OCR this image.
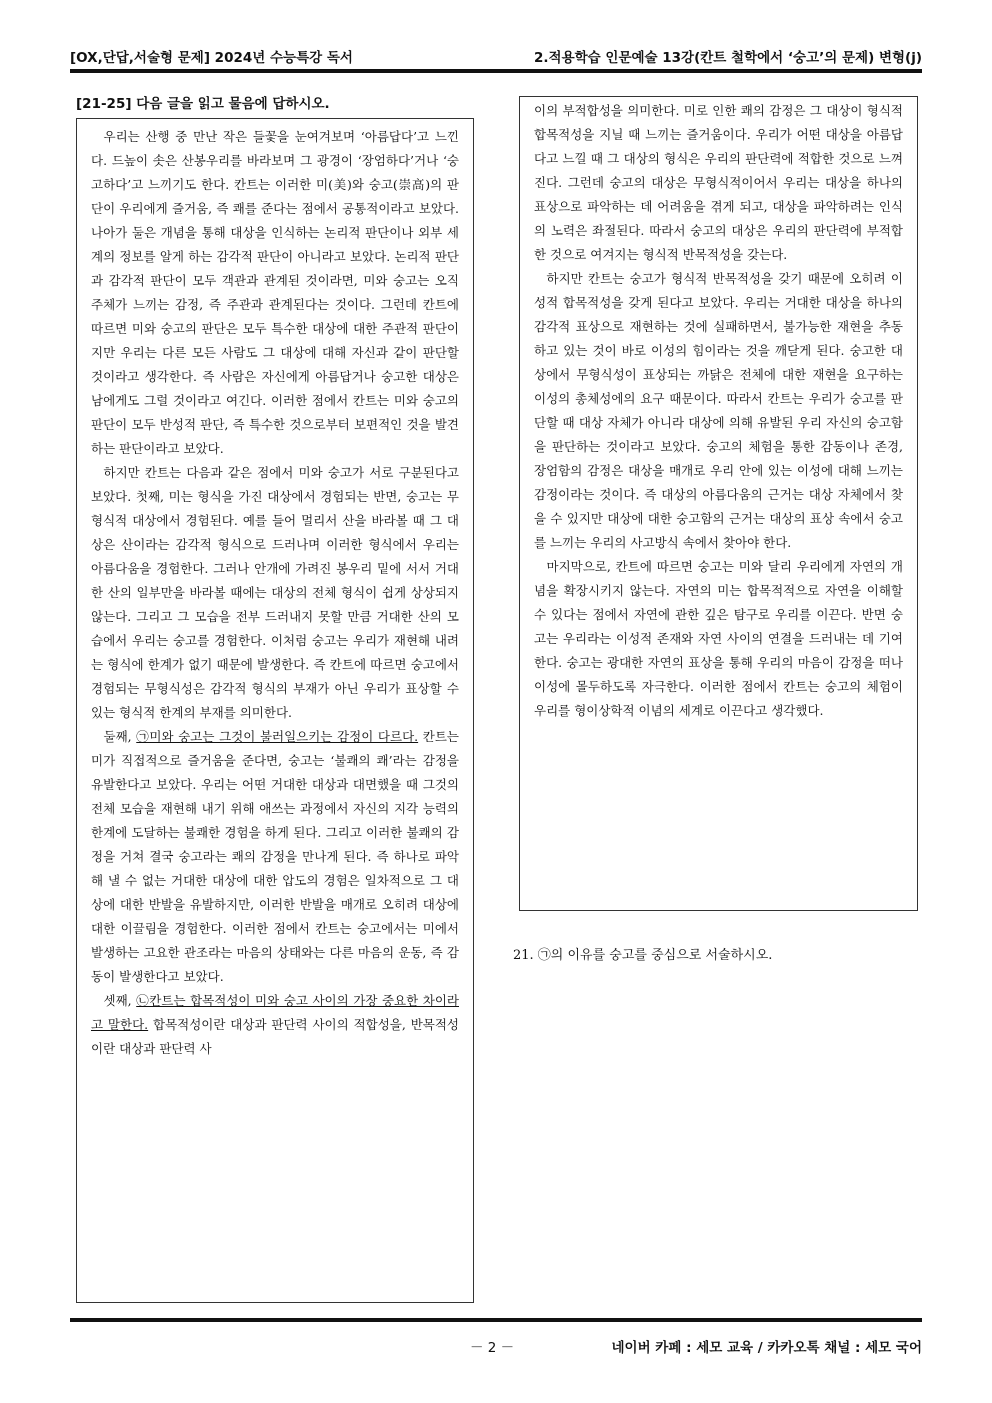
[OX,단답,서술형 문제] 2024년 수능특강 독서	2.적용학습 인문예술 13강(칸트 철학에서 ‘숭고’의 문제) 변형(j)
[21-25] 다음 글을 읽고 물음에 답하시오.

우리는 산행 중 만난 작은 들꽃을 눈여겨보며 ‘아름답다’고 느낀다. 드높이 솟은 산봉우리를 바라보며 그 광경이 ‘장엄하다’거나 ‘숭고하다’고 느끼기도 한다. 칸트는 이러한 미(美)와 숭고(崇高)의 판단이 우리에게 즐거움, 즉 쾌를 준다는 점에서 공통적이라고 보았다. 나아가 둘은 개념을 통해 대상을 인식하는 논리적 판단이나 외부 세계의 정보를 알게 하는 감각적 판단이 아니라고 보았다. 논리적 판단과 감각적 판단이 모두 객관과 관계된 것이라면, 미와 숭고는 오직 주체가 느끼는 감정, 즉 주관과 관계된다는 것이다. 그런데 칸트에 따르면 미와 숭고의 판단은 모두 특수한 대상에 대한 주관적 판단이지만 우리는 다른 모든 사람도 그 대상에 대해 자신과 같이 판단할 것이라고 생각한다. 즉 사람은 자신에게 아름답거나 숭고한 대상은 남에게도 그럴 것이라고 여긴다. 이러한 점에서 칸트는 미와 숭고의 판단이 모두 반성적 판단, 즉 특수한 것으로부터 보편적인 것을 발견하는 판단이라고 보았다.

하지만 칸트는 다음과 같은 점에서 미와 숭고가 서로 구분된다고 보았다. 첫째, 미는 형식을 가진 대상에서 경험되는 반면, 숭고는 무형식적 대상에서 경험된다. 예를 들어 멀리서 산을 바라볼 때 그 대상은 산이라는 감각적 형식으로 드러나며 이러한 형식에서 우리는 아름다움을 경험한다. 그러나 안개에 가려진 봉우리 밑에 서서 거대한 산의 일부만을 바라볼 때에는 대상의 전체 형식이 쉽게 상상되지 않는다. 그리고 그 모습을 전부 드러내지 못할 만큼 거대한 산의 모습에서 우리는 숭고를 경험한다. 이처럼 숭고는 우리가 재현해 내려는 형식에 한계가 없기 때문에 발생한다. 즉 칸트에 따르면 숭고에서 경험되는 무형식성은 감각적 형식의 부재가 아닌 우리가 표상할 수 있는 형식적 한계의 부재를 의미한다.

둘째, ㉠미와 숭고는 그것이 불러일으키는 감정이 다르다. 칸트는 미가 직접적으로 즐거움을 준다면, 숭고는 ‘불쾌의 쾌’라는 감정을 유발한다고 보았다. 우리는 어떤 거대한 대상과 대면했을 때 그것의 전체 모습을 재현해 내기 위해 애쓰는 과정에서 자신의 지각 능력의 한계에 도달하는 불쾌한 경험을 하게 된다. 그리고 이러한 불쾌의 감정을 거쳐 결국 숭고라는 쾌의 감정을 만나게 된다. 즉 하나로 파악해 낼 수 없는 거대한 대상에 대한 압도의 경험은 일차적으로 그 대상에 대한 반발을 유발하지만, 이러한 반발을 매개로 오히려 대상에 대한 이끌림을 경험한다. 이러한 점에서 칸트는 숭고에서는 미에서 발생하는 고요한 관조라는 마음의 상태와는 다른 마음의 운동, 즉 감동이 발생한다고 보았다.

셋째, ㉡칸트는 합목적성이 미와 숭고 사이의 가장 중요한 차이라고 말한다. 합목적성이란 대상과 판단력 사이의 적합성을, 반목적성이란 대상과 판단력 사

이의 부적합성을 의미한다. 미로 인한 쾌의 감정은 그 대상이 형식적 합목적성을 지닐 때 느끼는 즐거움이다. 우리가 어떤 대상을 아름답다고 느낄 때 그 대상의 형식은 우리의 판단력에 적합한 것으로 느껴진다. 그런데 숭고의 대상은 무형식적이어서 우리는 대상을 하나의 표상으로 파악하는 데 어려움을 겪게 되고, 대상을 파악하려는 인식의 노력은 좌절된다. 따라서 숭고의 대상은 우리의 판단력에 부적합한 것으로 여겨지는 형식적 반목적성을 갖는다.

하지만 칸트는 숭고가 형식적 반목적성을 갖기 때문에 오히려 이성적 합목적성을 갖게 된다고 보았다. 우리는 거대한 대상을 하나의 감각적 표상으로 재현하는 것에 실패하면서, 불가능한 재현을 추동하고 있는 것이 바로 이성의 힘이라는 것을 깨닫게 된다. 숭고한 대상에서 무형식성이 표상되는 까닭은 전체에 대한 재현을 요구하는 이성의 총체성에의 요구 때문이다. 따라서 칸트는 우리가 숭고를 판단할 때 대상 자체가 아니라 대상에 의해 유발된 우리 자신의 숭고함을 판단하는 것이라고 보았다. 숭고의 체험을 통한 감동이나 존경, 장엄함의 감정은 대상을 매개로 우리 안에 있는 이성에 대해 느끼는 감정이라는 것이다. 즉 대상의 아름다움의 근거는 대상 자체에서 찾을 수 있지만 대상에 대한 숭고함의 근거는 대상의 표상 속에서 숭고를 느끼는 우리의 사고방식 속에서 찾아야 한다.

마지막으로, 칸트에 따르면 숭고는 미와 달리 우리에게 자연의 개념을 확장시키지 않는다. 자연의 미는 합목적적으로 자연을 이해할 수 있다는 점에서 자연에 관한 깊은 탐구로 우리를 이끈다. 반면 숭고는 우리라는 이성적 존재와 자연 사이의 연결을 드러내는 데 기여한다. 숭고는 광대한 자연의 표상을 통해 우리의 마음이 감정을 떠나 이성에 몰두하도록 자극한다. 이러한 점에서 칸트는 숭고의 체험이 우리를 형이상학적 이념의 세계로 이끈다고 생각했다.

21. ㉠의 이유를 숭고를 중심으로 서술하시오.
－ 2 －	네이버 카페 : 세모 교육 / 카카오톡 채널 : 세모 국어
